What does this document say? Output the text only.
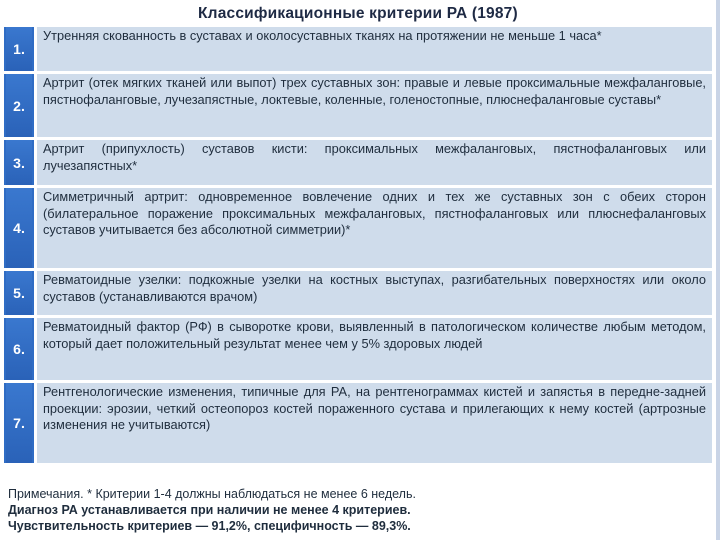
Классификационные критерии РА (1987)
1.
Утренняя скованность в суставах и околосуставных тканях на протяжении не меньше 1 часа*
2.
Артрит (отек мягких тканей или выпот) трех суставных зон: правые и левые проксимальные межфаланговые, пястнофаланговые, лучезапястные, локтевые, коленные, голеностопные, плюснефаланговые суставы*
3.
Артрит (припухлость) суставов кисти: проксимальных межфаланговых, пястнофаланговых или лучезапястных*
4.
Симметричный артрит: одновременное вовлечение одних и тех же суставных зон с обеих сторон (билатеральное поражение проксимальных межфаланговых, пястнофаланговых или плюснефаланговых суставов учитывается без абсолютной симметрии)*
5.
Ревматоидные узелки: подкожные узелки на костных выступах, разгибательных поверхностях или около суставов (устанавливаются врачом)
6.
Ревматоидный фактор (РФ) в сыворотке крови, выявленный в патологическом количестве любым методом, который дает положительный результат менее чем у 5% здоровых людей
7.
Рентгенологические изменения, типичные для РА, на рентгенограммах кистей и запястья в передне-задней проекции: эрозии, четкий остеопороз костей пораженного сустава и прилегающих к нему костей (артрозные изменения не учитываются)
Примечания. * Критерии 1-4 должны наблюдаться не менее 6 недель.
Диагноз РА устанавливается при наличии не менее 4 критериев.
Чувствительность критериев — 91,2%, специфичность — 89,3%.
